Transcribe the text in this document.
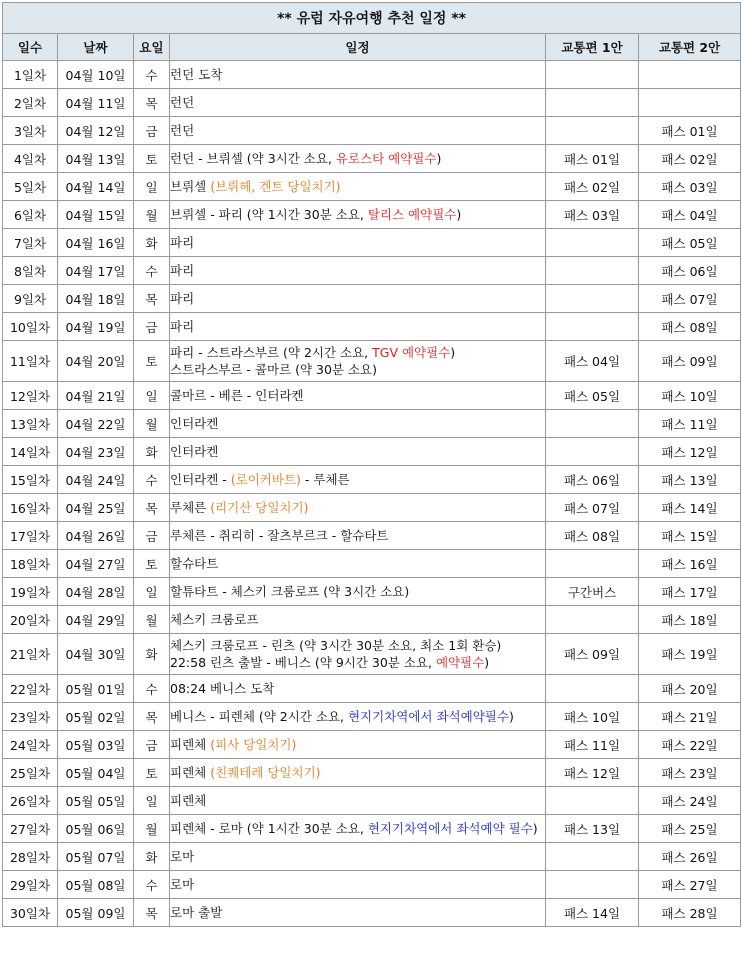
** 유럽 자유여행 추천 일정 **					
일수	날짜	요일	일정	교통편 1안	교통편 2안
1일차	04월 10일	수	런던 도착		

2일차	04월 11일	목	런던		

3일차	04월 12일	금	런던		패스 01일
4일차	04월 13일	토	런던 - 브뤼셀 (약 3시간 소요, 유로스타 예약필수)	패스 01일	패스 02일
5일차	04월 14일	일	브뤼셀 (브뤼헤, 겐트 당일치기)	패스 02일	패스 03일
6일차	04월 15일	월	브뤼셀 - 파리 (약 1시간 30분 소요, 탈리스 예약필수)	패스 03일	패스 04일
7일차	04월 16일	화	파리		패스 05일
8일차	04월 17일	수	파리		패스 06일
9일차	04월 18일	목	파리		패스 07일
10일차	04월 19일	금	파리		패스 08일
11일차	04월 20일	토	파리 - 스트라스부르 (약 2시간 소요, TGV 예약필수)
스트라스부르 - 콜마르 (약 30분 소요)	패스 04일	패스 09일
12일차	04월 21일	일	콜마르 - 베른 - 인터라켄	패스 05일	패스 10일
13일차	04월 22일	월	인터라켄		패스 11일
14일차	04월 23일	화	인터라켄		패스 12일
15일차	04월 24일	수	인터라켄 - (로이커바트) - 루체른	패스 06일	패스 13일
16일차	04월 25일	목	루체른 (리기산 당일치기)	패스 07일	패스 14일
17일차	04월 26일	금	루체른 - 취리히 - 잘츠부르크 - 할슈타트	패스 08일	패스 15일
18일차	04월 27일	토	할슈타트		패스 16일
19일차	04월 28일	일	할튜타트 - 체스키 크룸로프 (약 3시간 소요)	구간버스	패스 17일
20일차	04월 29일	월	체스키 크룸로프		패스 18일
21일차	04월 30일	화	체스키 크룸로프 - 린츠 (약 3시간 30분 소요, 최소 1회 환승)
22:58 린츠 출발 - 베니스 (약 9시간 30분 소요, 예약필수)	패스 09일	패스 19일
22일차	05월 01일	수	08:24 베니스 도착		패스 20일
23일차	05월 02일	목	베니스 - 피렌체 (약 2시간 소요, 현지기차역에서 좌석예약필수)	패스 10일	패스 21일
24일차	05월 03일	금	피렌체 (피사 당일치기)	패스 11일	패스 22일
25일차	05월 04일	토	피렌체 (친퀘테레 당일치기)	패스 12일	패스 23일
26일차	05월 05일	일	피렌체		패스 24일
27일차	05월 06일	월	피렌체 - 로마 (약 1시간 30분 소요, 현지기차역에서 좌석예약 필수)	패스 13일	패스 25일
28일차	05월 07일	화	로마		패스 26일
29일차	05월 08일	수	로마		패스 27일
30일차	05월 09일	목	로마 출발	패스 14일	패스 28일
